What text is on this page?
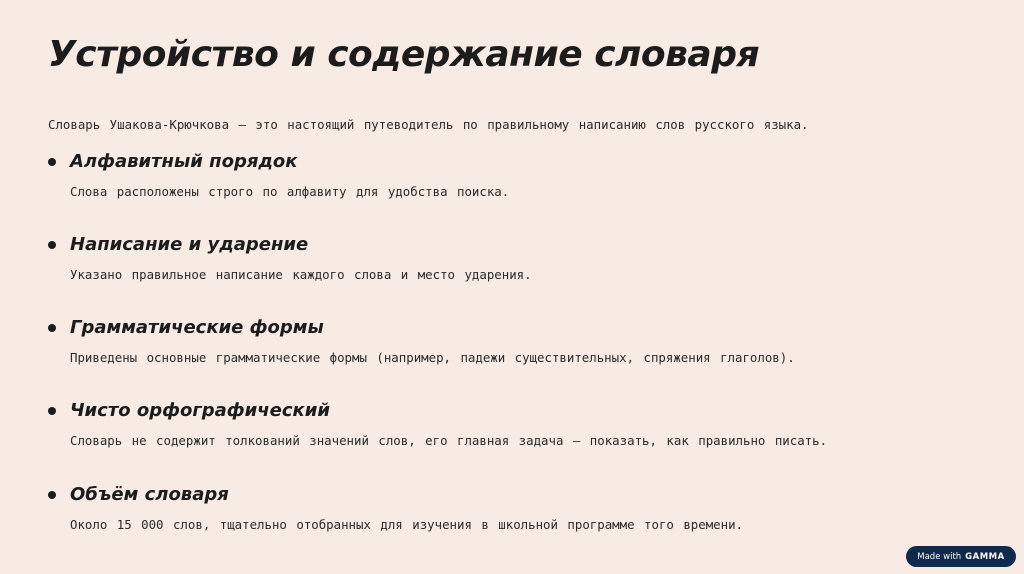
Устройство и содержание словаря

Словарь Ушакова-Крючкова — это настоящий путеводитель по правильному написанию слов русского языка.

Алфавитный порядок

Слова расположены строго по алфавиту для удобства поиска.

Написание и ударение

Указано правильное написание каждого слова и место ударения.

Грамматические формы

Приведены основные грамматические формы (например, падежи существительных, спряжения глаголов).

Чисто орфографический

Словарь не содержит толкований значений слов, его главная задача — показать, как правильно писать.

Объём словаря

Около 15 000 слов, тщательно отобранных для изучения в школьной программе того времени.

Made with GAMMA
